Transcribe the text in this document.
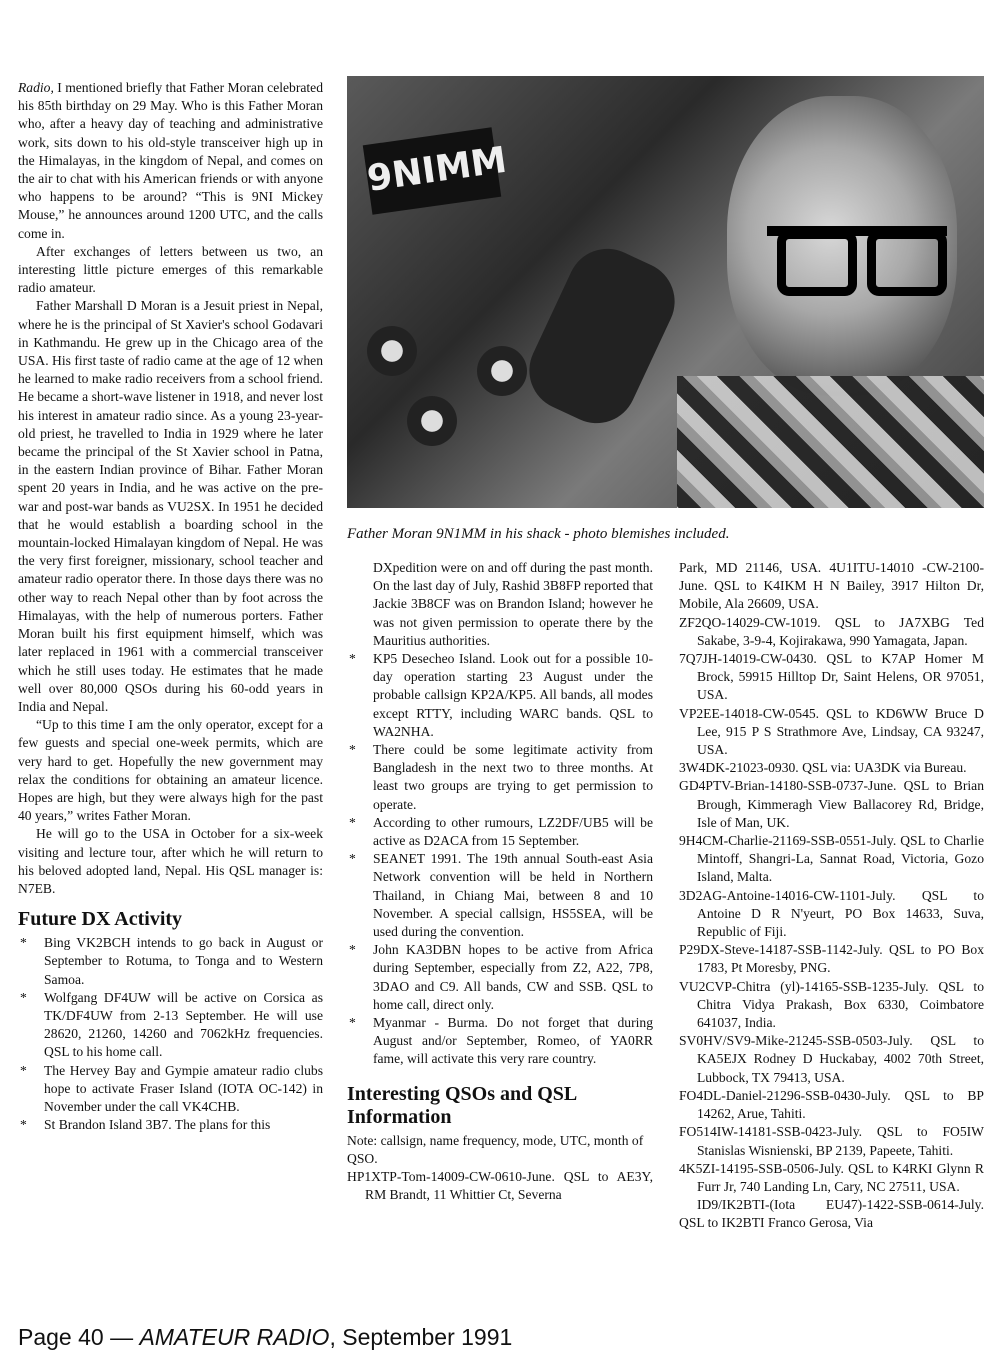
Radio, I mentioned briefly that Father Moran celebrated his 85th birthday on 29 May. Who is this Father Moran who, after a heavy day of teaching and administrative work, sits down to his old-style transceiver high up in the Himalayas, in the kingdom of Nepal, and comes on the air to chat with his American friends or with anyone who happens to be around? “This is 9NI Mickey Mouse,” he announces around 1200 UTC, and the calls come in.

After exchanges of letters between us two, an interesting little picture emerges of this remarkable radio amateur.

Father Marshall D Moran is a Jesuit priest in Nepal, where he is the principal of St Xavier's school Godavari in Kathmandu. He grew up in the Chicago area of the USA. His first taste of radio came at the age of 12 when he learned to make radio receivers from a school friend. He became a short-wave listener in 1918, and never lost his interest in amateur radio since. As a young 23-year-old priest, he travelled to India in 1929 where he later became the principal of the St Xavier school in Patna, in the eastern Indian province of Bihar. Father Moran spent 20 years in India, and he was active on the pre-war and post-war bands as VU2SX. In 1951 he decided that he would establish a boarding school in the mountain-locked Himalayan kingdom of Nepal. He was the very first foreigner, missionary, school teacher and amateur radio operator there. In those days there was no other way to reach Nepal other than by foot across the Himalayas, with the help of numerous porters. Father Moran built his first equipment himself, which was later replaced in 1961 with a commercial transceiver which he still uses today. He estimates that he made well over 80,000 QSOs during his 60-odd years in India and Nepal.

“Up to this time I am the only operator, except for a few guests and special one-week permits, which are very hard to get. Hopefully the new government may relax the conditions for obtaining an amateur licence. Hopes are high, but they were always high for the past 40 years,” writes Father Moran.

He will go to the USA in October for a six-week visiting and lecture tour, after which he will return to his beloved adopted land, Nepal. His QSL manager is: N7EB.

Future DX Activity

* Bing VK2BCH intends to go back in August or September to Rotuma, to Tonga and to Western Samoa.

* Wolfgang DF4UW will be active on Corsica as TK/DF4UW from 2-13 September. He will use 28620, 21260, 14260 and 7062kHz frequencies. QSL to his home call.

* The Hervey Bay and Gympie amateur radio clubs hope to activate Fraser Island (IOTA OC-142) in November under the call VK4CHB.

* St Brandon Island 3B7. The plans for this

9NIMM
Father Moran 9N1MM in his shack - photo blemishes included.

DXpedition were on and off during the past month. On the last day of July, Rashid 3B8FP reported that Jackie 3B8CF was on Brandon Island; however he was not given permission to operate there by the Mauritius authorities.

* KP5 Desecheo Island. Look out for a possible 10-day operation starting 23 August under the probable callsign KP2A/KP5. All bands, all modes except RTTY, including WARC bands. QSL to WA2NHA.

* There could be some legitimate activity from Bangladesh in the next two to three months. At least two groups are trying to get permission to operate.

* According to other rumours, LZ2DF/UB5 will be active as D2ACA from 15 September.

* SEANET 1991. The 19th annual South-east Asia Network convention will be held in Northern Thailand, in Chiang Mai, between 8 and 10 November. A special callsign, HS5SEA, will be used during the convention.

* John KA3DBN hopes to be active from Africa during September, especially from Z2, A22, 7P8, 3DAO and C9. All bands, CW and SSB. QSL to home call, direct only.

* Myanmar - Burma. Do not forget that during August and/or September, Romeo, of YA0RR fame, will activate this very rare country.

Interesting QSOs and QSL Information

Note: callsign, name frequency, mode, UTC, month of QSO.

HP1XTP-Tom-14009-CW-0610-June. QSL to AE3Y, RM Brandt, 11 Whittier Ct, Severna

Park, MD 21146, USA. 4U1ITU-14010 -CW-2100-June. QSL to K4IKM H N Bailey, 3917 Hilton Dr, Mobile, Ala 26609, USA.

ZF2QO-14029-CW-1019. QSL to JA7XBG Ted Sakabe, 3-9-4, Kojirakawa, 990 Yamagata, Japan.

7Q7JH-14019-CW-0430. QSL to K7AP Homer M Brock, 59915 Hilltop Dr, Saint Helens, OR 97051, USA.

VP2EE-14018-CW-0545. QSL to KD6WW Bruce D Lee, 915 P S Strathmore Ave, Lindsay, CA 93247, USA.

3W4DK-21023-0930. QSL via: UA3DK via Bureau.

GD4PTV-Brian-14180-SSB-0737-June. QSL to Brian Brough, Kimmeragh View Ballacorey Rd, Bridge, Isle of Man, UK.

9H4CM-Charlie-21169-SSB-0551-July. QSL to Charlie Mintoff, Shangri-La, Sannat Road, Victoria, Gozo Island, Malta.

3D2AG-Antoine-14016-CW-1101-July. QSL to Antoine D R N'yeurt, PO Box 14633, Suva, Republic of Fiji.

P29DX-Steve-14187-SSB-1142-July. QSL to PO Box 1783, Pt Moresby, PNG.

VU2CVP-Chitra (yl)-14165-SSB-1235-July. QSL to Chitra Vidya Prakash, Box 6330, Coimbatore 641037, India.

SV0HV/SV9-Mike-21245-SSB-0503-July. QSL to KA5EJX Rodney D Huckabay, 4002 70th Street, Lubbock, TX 79413, USA.

FO4DL-Daniel-21296-SSB-0430-July. QSL to BP 14262, Arue, Tahiti.

FO514IW-14181-SSB-0423-July. QSL to FO5IW Stanislas Wisnienski, BP 2139, Papeete, Tahiti.

4K5ZI-14195-SSB-0506-July. QSL to K4RKI Glynn R Furr Jr, 740 Landing Ln, Cary, NC 27511, USA.

ID9/IK2BTI-(Iota EU47)-1422-SSB-0614-July. QSL to IK2BTI Franco Gerosa, Via

Page 40 — AMATEUR RADIO, September 1991
